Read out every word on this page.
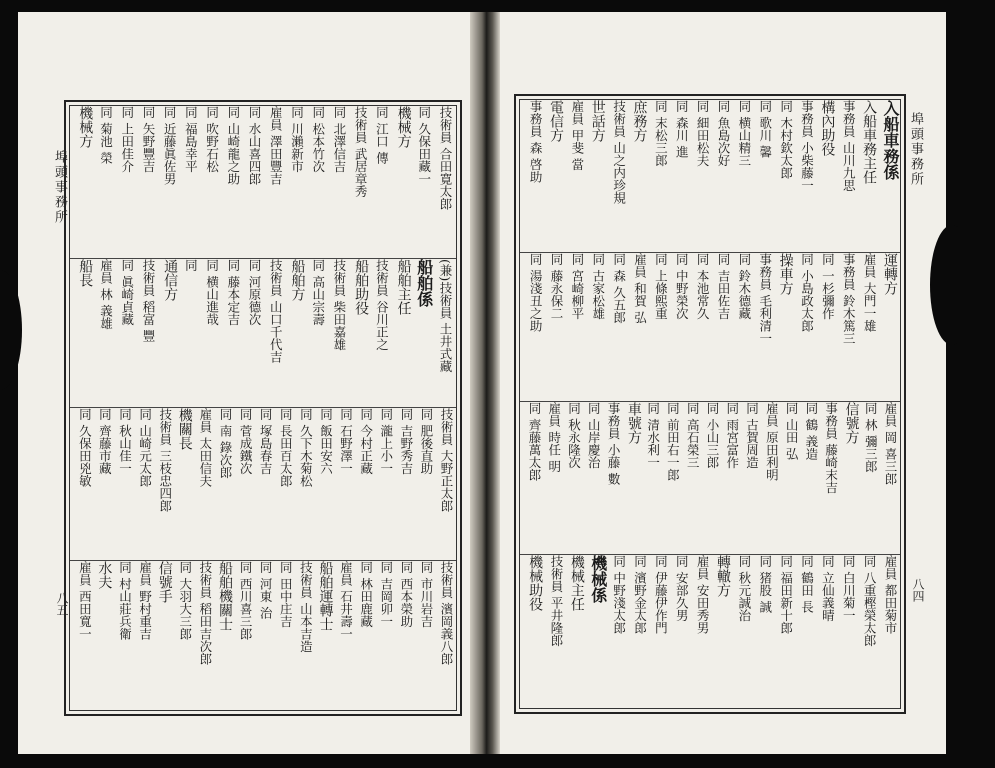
埠頭事務所
八五
技術員 合田寛太郎
同 久保田藏一
機械方
同 江口 傳
技術員 武居章秀
同 北澤信吉
同 松本竹次
同 川瀨新市
雇員 澤田豐吉
同 水山喜四郎
同 山崎龍之助
同 吹野石松
同 福島幸平
同 近藤眞佐男
同 矢野豐吉
同 上田佳介
同 菊池 榮
機械方
(兼)技術員 土井式藏
船舶係
船舶主任
技術員 谷川正之
船舶助役
技術員 柴田嘉雄
同 高山宗壽
船舶方
技術員 山口千代吉
同 河原德次
同 藤本定吉
同 横山進哉
同
通信方
技術員 稻富 豐
同 眞崎貞藏
雇員 林 義雄
船長
技術員 大野正太郎
同 肥後直助
同 吉野秀吉
同 瀧上小一
同 今村正藏
同 石野澤一
同 飯田安六
同 久下木菊松
同 長田百太郎
同 塚島春吉
同 菅成鐵次
同 南 錄次郎
雇員 太田信夫
機關長
技術員 三枝忠四郎
同 山崎元太郎
同 秋山佳一
同 齊藤市藏
同 久保田兇敏
技術員 濱岡義八郎
同 市川岩吉
同 西本榮助
同 吉岡卯一
同 林田鹿藏
雇員 石井壽一
船舶運轉士
技術員 山本吉造
同 田中庄吉
同 河東 治
同 西川喜三郎
船舶機關士
技術員 稻田吉次郎
同 大羽大三郎
信號手
雇員 野村重吉
同 村山莊兵衛
水夫
雇員 西田寬一
埠頭事務所
八四
入船車務係
入船車務主任
事務員 山川九思
構內助役
事務員 小柴藤一
同 木村欽太郎
同 歌川 馨
同 横山精三
同 魚島次好
同 細田松夫
同 森川 進
同 末松三郎
庶務方
技術員 山之内珍規
世話方
雇員 甲斐 當
電信方
事務員 森 啓助
運轉方
雇員 大門一雄
事務員 鈴木篤三
同 一杉彌作
同 小島政太郎
操車方
事務員 毛利清一
同 鈴木德藏
同 吉田佐吉
同 本池常久
同 中野榮次
同 上條熙重
雇員 和賀 弘
同 森 久五郎
同 古家松雄
同 宮崎柳平
同 藤永保二
同 湯淺丑之助
雇員 岡 喜三郎
同 林 彌三郎
信號方
事務員 藤崎末吉
同 鶴 義造
同 山田 弘
雇員 原田利明
同 古賀周造
同 雨宮富作
同 小山三郎
同 高石榮三
同 前田右一郎
同 清水利一
車號方
事務員 小藤 數
同 山岸慶治
同 秋永隆次
雇員 時任 明
同 齊藤萬太郎
雇員 都田菊市
同 八重樫榮太郎
同 白川菊一
同 立仙義晴
同 鶴田 長
同 福田新十郎
同 猪股 誠
同 秋元誠治
轉轍方
雇員 安田秀男
同 安部久男
同 伊藤伊作門
同 濱野金太郎
同 中野淺太郎
機械係
機械主任
技術員 平井隆郎
機械助役
